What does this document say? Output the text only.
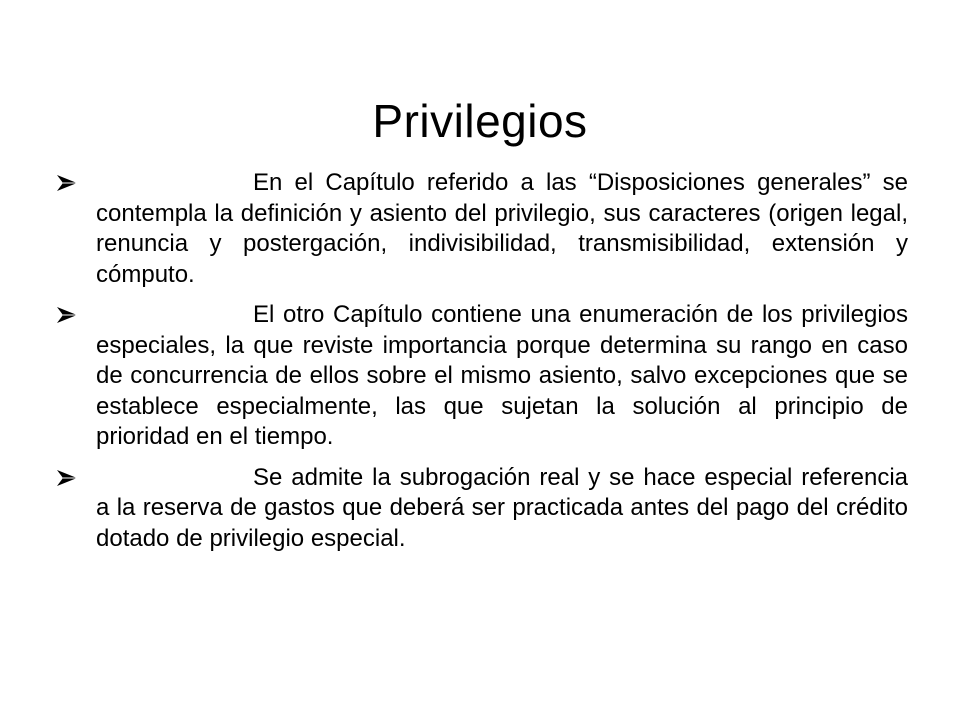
Privilegios
En el Capítulo referido a las “Disposiciones generales” se contempla la definición y asiento del privilegio, sus caracteres (origen legal, renuncia y postergación, indivisibilidad, transmisibilidad, extensión y cómputo.
El otro Capítulo contiene una enumeración de los privilegios especiales, la que reviste importancia porque determina su rango en caso de concurrencia de ellos sobre el mismo asiento, salvo excepciones que se establece especialmente, las que sujetan la solución al principio de prioridad en el tiempo.
Se admite la subrogación real y se hace especial referencia a la reserva de gastos que deberá ser practicada antes del pago del crédito dotado de privilegio especial.
